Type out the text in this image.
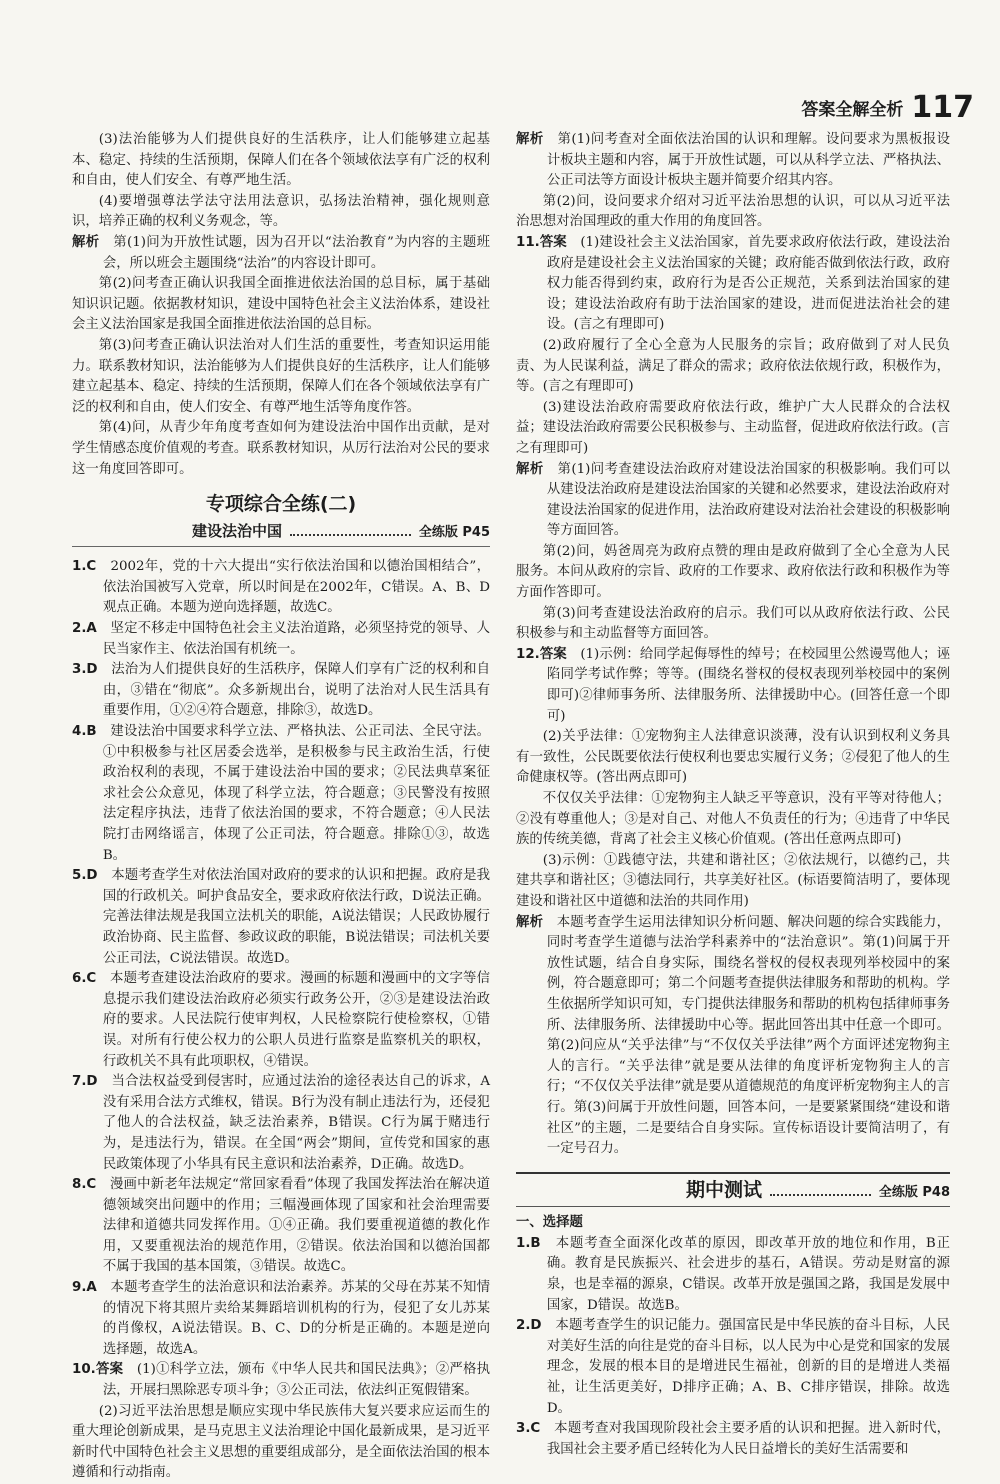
答案全解全析 117

(3)法治能够为人们提供良好的生活秩序，让人们能够建立起基本、稳定、持续的生活预期，保障人们在各个领域依法享有广泛的权利和自由，使人们安全、有尊严地生活。

(4)要增强尊法学法守法用法意识，弘扬法治精神，强化规则意识，培养正确的权利义务观念，等。

解析　 第(1)问为开放性试题，因为召开以“法治教育”为内容的主题班会，所以班会主题围绕“法治”的内容设计即可。

第(2)问考查正确认识我国全面推进依法治国的总目标，属于基础知识识记题。依据教材知识，建设中国特色社会主义法治体系，建设社会主义法治国家是我国全面推进依法治国的总目标。

第(3)问考查正确认识法治对人们生活的重要性，考查知识运用能力。联系教材知识，法治能够为人们提供良好的生活秩序，让人们能够建立起基本、稳定、持续的生活预期，保障人们在各个领域依法享有广泛的权利和自由，使人们安全、有尊严地生活等角度作答。

第(4)问，从青少年角度考查如何为建设法治中国作出贡献，是对学生情感态度价值观的考查。联系教材知识，从厉行法治对公民的要求这一角度回答即可。

专项综合全练(二)
建设法治中国	全练版 P45

1.C　 2002年，党的十六大提出“实行依法治国和以德治国相结合”，依法治国被写入党章，所以时间是在2002年，C错误。A、B、D观点正确。本题为逆向选择题，故选C。

2.A　 坚定不移走中国特色社会主义法治道路，必须坚持党的领导、人民当家作主、依法治国有机统一。

3.D　 法治为人们提供良好的生活秩序，保障人们享有广泛的权利和自由，③错在“彻底”。众多新规出台，说明了法治对人民生活具有重要作用，①②④符合题意，排除③，故选D。

4.B　 建设法治中国要求科学立法、严格执法、公正司法、全民守法。①中积极参与社区居委会选举，是积极参与民主政治生活，行使政治权利的表现，不属于建设法治中国的要求；②民法典草案征求社会公众意见，体现了科学立法，符合题意；③民警没有按照法定程序执法，违背了依法治国的要求，不符合题意；④人民法院打击网络谣言，体现了公正司法，符合题意。排除①③，故选B。

5.D　 本题考查学生对依法治国对政府的要求的认识和把握。政府是我国的行政机关。呵护食品安全，要求政府依法行政，D说法正确。完善法律法规是我国立法机关的职能，A说法错误；人民政协履行政治协商、民主监督、参政议政的职能，B说法错误；司法机关要公正司法，C说法错误。故选D。

6.C　 本题考查建设法治政府的要求。漫画的标题和漫画中的文字等信息提示我们建设法治政府必须实行政务公开，②③是建设法治政府的要求。人民法院行使审判权，人民检察院行使检察权，①错误。对所有行使公权力的公职人员进行监察是监察机关的职权，行政机关不具有此项职权，④错误。

7.D　 当合法权益受到侵害时，应通过法治的途径表达自己的诉求，A没有采用合法方式维权，错误。B行为没有制止违法行为，还侵犯了他人的合法权益，缺乏法治素养，B错误。C行为属于赌违行为，是违法行为，错误。在全国“两会”期间，宣传党和国家的惠民政策体现了小华具有民主意识和法治素养，D正确。故选D。

8.C　 漫画中新老年法规定“常回家看看”体现了我国发挥法治在解决道德领域突出问题中的作用；三幅漫画体现了国家和社会治理需要法律和道德共同发挥作用。①④正确。我们要重视道德的教化作用，又要重视法治的规范作用，②错误。依法治国和以德治国都不属于我国的基本国策，③错误。故选C。

9.A　 本题考查学生的法治意识和法治素养。苏某的父母在苏某不知情的情况下将其照片卖给某舞蹈培训机构的行为，侵犯了女儿苏某的肖像权，A说法错误。B、C、D的分析是正确的。本题是逆向选择题，故选A。

10.答案　 (1)①科学立法，颁布《中华人民共和国民法典》；②严格执法，开展扫黑除恶专项斗争；③公正司法，依法纠正冤假错案。

(2)习近平法治思想是顺应实现中华民族伟大复兴要求应运而生的重大理论创新成果，是马克思主义法治理论中国化最新成果，是习近平新时代中国特色社会主义思想的重要组成部分，是全面依法治国的根本遵循和行动指南。

解析　 第(1)问考查对全面依法治国的认识和理解。设问要求为黑板报设计板块主题和内容，属于开放性试题，可以从科学立法、严格执法、公正司法等方面设计板块主题并简要介绍其内容。

第(2)问，设问要求介绍对习近平法治思想的认识，可以从习近平法治思想对治国理政的重大作用的角度回答。

11.答案　 (1)建设社会主义法治国家，首先要求政府依法行政，建设法治政府是建设社会主义法治国家的关键；政府能否做到依法行政，政府权力能否得到约束，政府行为是否公正规范，关系到法治国家的建设；建设法治政府有助于法治国家的建设，进而促进法治社会的建设。(言之有理即可)

(2)政府履行了全心全意为人民服务的宗旨；政府做到了对人民负责、为人民谋利益，满足了群众的需求；政府依法依规行政，积极作为，等。(言之有理即可)

(3)建设法治政府需要政府依法行政，维护广大人民群众的合法权益；建设法治政府需要公民积极参与、主动监督，促进政府依法行政。(言之有理即可)

解析　 第(1)问考查建设法治政府对建设法治国家的积极影响。我们可以从建设法治政府是建设法治国家的关键和必然要求，建设法治政府对建设法治国家的促进作用，法治政府建设对法治社会建设的积极影响等方面回答。

第(2)问，妈爸周亮为政府点赞的理由是政府做到了全心全意为人民服务。本问从政府的宗旨、政府的工作要求、政府依法行政和积极作为等方面作答即可。

第(3)问考查建设法治政府的启示。我们可以从政府依法行政、公民积极参与和主动监督等方面回答。

12.答案　 (1)示例：给同学起侮辱性的绰号；在校园里公然谩骂他人；诬陷同学考试作弊；等等。(围绕名誉权的侵权表现列举校园中的案例即可)②律师事务所、法律服务所、法律援助中心。(回答任意一个即可)

(2)关乎法律：①宠物狗主人法律意识淡薄，没有认识到权利义务具有一致性，公民既要依法行使权利也要忠实履行义务；②侵犯了他人的生命健康权等。(答出两点即可)

不仅仅关乎法律：①宠物狗主人缺乏平等意识，没有平等对待他人；②没有尊重他人；③是对自己、对他人不负责任的行为；④违背了中华民族的传统美德，背离了社会主义核心价值观。(答出任意两点即可)

(3)示例：①践德守法，共建和谐社区；②依法规行，以德约己，共建共享和谐社区；③德法同行，共享美好社区。(标语要简洁明了，要体现建设和谐社区中道德和法治的共同作用)

解析　 本题考查学生运用法律知识分析问题、解决问题的综合实践能力，同时考查学生道德与法治学科素养中的“法治意识”。第(1)问属于开放性试题，结合自身实际，围绕名誉权的侵权表现列举校园中的案例，符合题意即可；第二个问题考查提供法律服务和帮助的机构。学生依据所学知识可知，专门提供法律服务和帮助的机构包括律师事务所、法律服务所、法律援助中心等。据此回答出其中任意一个即可。第(2)问应从“关乎法律”与“不仅仅关乎法律”两个方面评述宠物狗主人的言行。“关乎法律”就是要从法律的角度评析宠物狗主人的言行；“不仅仅关乎法律”就是要从道德规范的角度评析宠物狗主人的言行。第(3)问属于开放性问题，回答本问，一是要紧紧围绕“建设和谐社区”的主题，二是要结合自身实际。宣传标语设计要简洁明了，有一定号召力。

期中测试	全练版 P48

一、选择题

1.B　 本题考查全面深化改革的原因，即改革开放的地位和作用，B正确。教育是民族振兴、社会进步的基石，A错误。劳动是财富的源泉，也是幸福的源泉，C错误。改革开放是强国之路，我国是发展中国家，D错误。故选B。

2.D　 本题考查学生的识记能力。强国富民是中华民族的奋斗目标，人民对美好生活的向往是党的奋斗目标，以人民为中心是党和国家的发展理念，发展的根本目的是增进民生福祉，创新的目的是增进人类福祉，让生活更美好，D排序正确；A、B、C排序错误，排除。故选D。

3.C　 本题考查对我国现阶段社会主要矛盾的认识和把握。进入新时代，我国社会主要矛盾已经转化为人民日益增长的美好生活需要和
